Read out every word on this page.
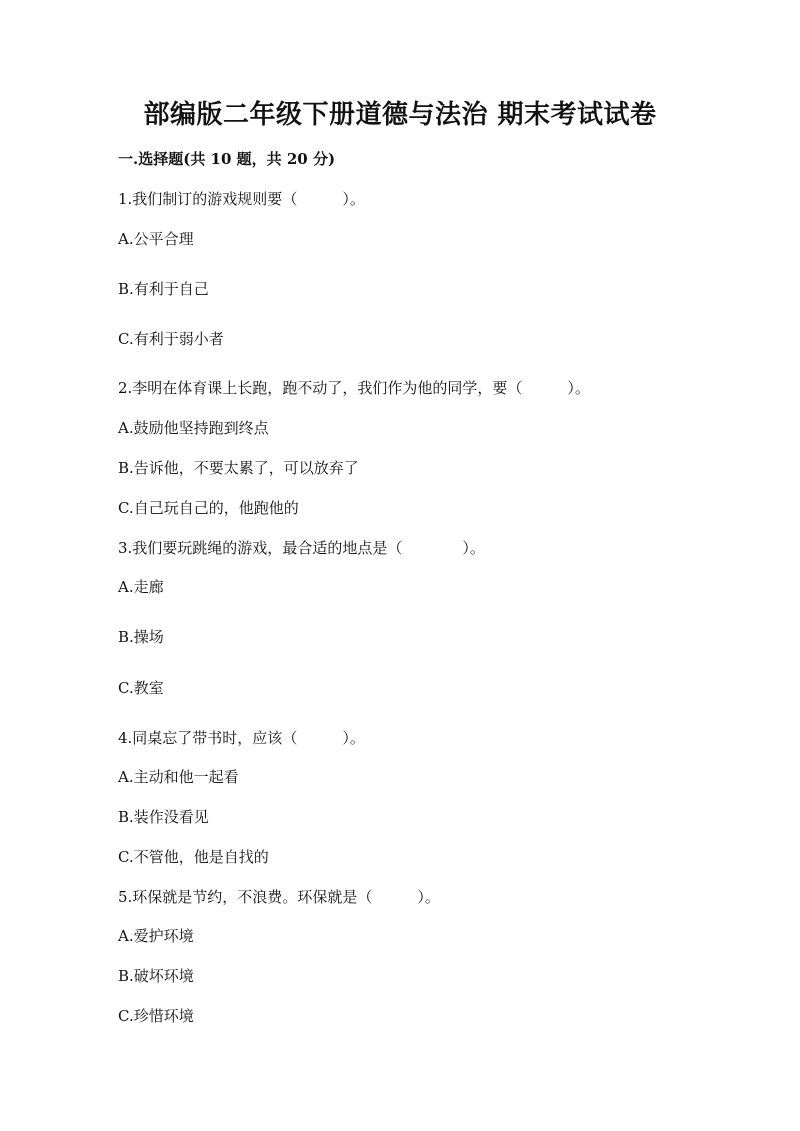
部编版二年级下册道德与法治 期末考试试卷
一.选择题(共 10 题，共 20 分)
1.我们制订的游戏规则要（　　　）。
A.公平合理
B.有利于自己
C.有利于弱小者
2.李明在体育课上长跑，跑不动了，我们作为他的同学，要（　　　）。
A.鼓励他坚持跑到终点
B.告诉他，不要太累了，可以放弃了
C.自己玩自己的，他跑他的
3.我们要玩跳绳的游戏，最合适的地点是（　　　　）。
A.走廊
B.操场
C.教室
4.同桌忘了带书时，应该（　　　）。
A.主动和他一起看
B.装作没看见
C.不管他，他是自找的
5.环保就是节约，不浪费。环保就是（　　　）。
A.爱护环境
B.破坏环境
C.珍惜环境
